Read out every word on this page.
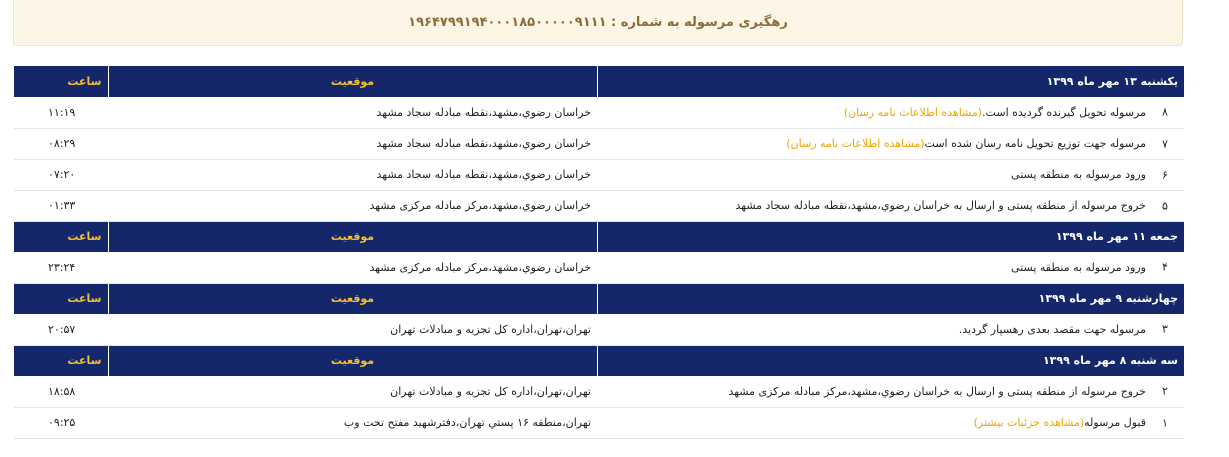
رهگیری مرسوله به شماره : ۱۹۶۴۷۹۹۱۹۴۰۰۰۱۸۵۰۰۰۰۰۹۱۱۱
یکشنبه ۱۳ مهر ماه ۱۳۹۹	موقعیت	ساعت

۸
مرسوله تحویل گیرنده گردیده است.(مشاهده اطلاعات نامه رسان)	خراسان رضوي،مشهد،نقطه مبادله سجاد مشهد	۱۱:۱۹

۷
مرسوله جهت توزیع تحویل نامه رسان شده است(مشاهده اطلاعات نامه رسان)	خراسان رضوي،مشهد،نقطه مبادله سجاد مشهد	۰۸:۲۹

۶
ورود مرسوله به منطقه پستی	خراسان رضوي،مشهد،نقطه مبادله سجاد مشهد	۰۷:۲۰

۵
خروج مرسوله از منطقه پستی و ارسال به خراسان رضوي،مشهد،نقطه مبادله سجاد مشهد	خراسان رضوي،مشهد،مرکز مبادله مرکزی مشهد	۰۱:۳۳
جمعه ۱۱ مهر ماه ۱۳۹۹	موقعیت	ساعت

۴
ورود مرسوله به منطقه پستی	خراسان رضوي،مشهد،مرکز مبادله مرکزی مشهد	۲۳:۲۴
چهارشنبه ۹ مهر ماه ۱۳۹۹	موقعیت	ساعت

۳
مرسوله جهت مقصد بعدی رهسپار گردید.	تهران،تهران،اداره کل تجزیه و مبادلات تهران	۲۰:۵۷
سه شنبه ۸ مهر ماه ۱۳۹۹	موقعیت	ساعت

۲
خروج مرسوله از منطقه پستی و ارسال به خراسان رضوي،مشهد،مرکز مبادله مرکزی مشهد	تهران،تهران،اداره کل تجزیه و مبادلات تهران	۱۸:۵۸

۱
قبول مرسوله(مشاهده جزئیات بیشتر)	تهران،منطقه ۱۶ پستي تهران،دفترشهید مفتح تحت وب	۰۹:۲۵
